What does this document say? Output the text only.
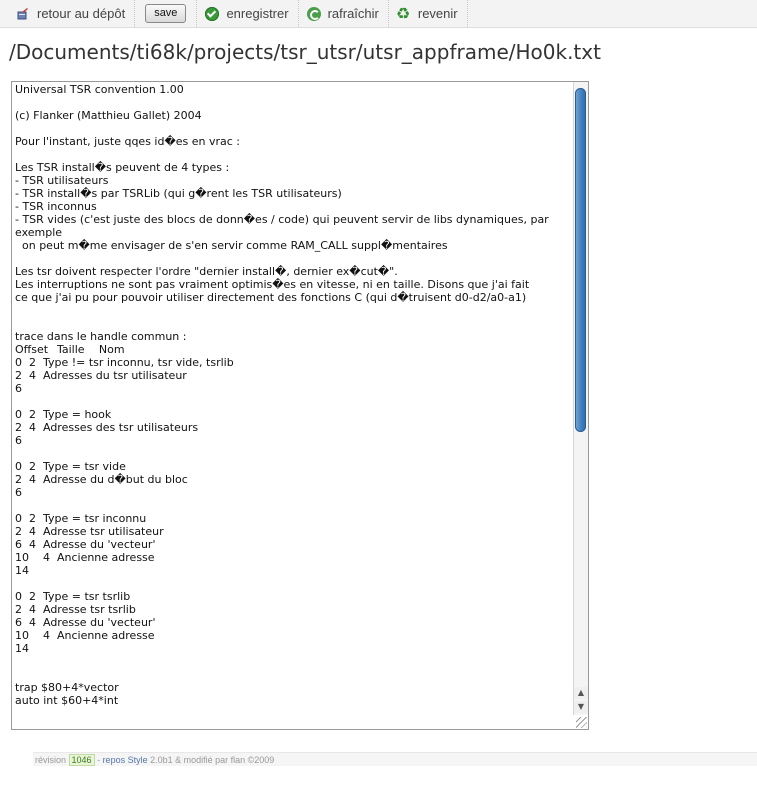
retour au dépôt	save	enregistrer	rafraîchir
♻	revenir
/Documents/ti68k/projects/tsr_utsr/utsr_appframe/Ho0k.txt
Universal TSR convention 1.00

(c) Flanker (Matthieu Gallet) 2004

Pour l'instant, juste qqes id�es en vrac :

Les TSR install�s peuvent de 4 types :
- TSR utilisateurs
- TSR install�s par TSRLib (qui g�rent les TSR utilisateurs)
- TSR inconnus
- TSR vides (c'est juste des blocs de donn�es / code) qui peuvent servir de libs dynamiques, par exemple
on peut m�me envisager de s'en servir comme RAM_CALL suppl�mentaires

Les tsr doivent respecter l'ordre "dernier install�, dernier ex�cut�".
Les interruptions ne sont pas vraiment optimis�es en vitesse, ni en taille. Disons que j'ai fait
ce que j'ai pu pour pouvoir utiliser directement des fonctions C (qui d�truisent d0-d2/a0-a1)

trace dans le handle commun :
Offset	Taille	Nom
0	2	Type != tsr inconnu, tsr vide, tsrlib
2	4	Adresses du tsr utilisateur
6

0	2	Type = hook
2	4	Adresses des tsr utilisateurs
6

0	2	Type = tsr vide
2	4	Adresse du d�but du bloc
6

0	2	Type = tsr inconnu
2	4	Adresse tsr utilisateur
6	4	Adresse du 'vecteur'
10	4	Ancienne adresse
14

0	2	Type = tsr tsrlib
2	4	Adresse tsr tsrlib
6	4	Adresse du 'vecteur'
10	4	Ancienne adresse
14

trap $80+4*vector
auto int $60+4*int

▲
▼
révision 1046 - repos Style 2.0b1 & modifié par flan ©2009
